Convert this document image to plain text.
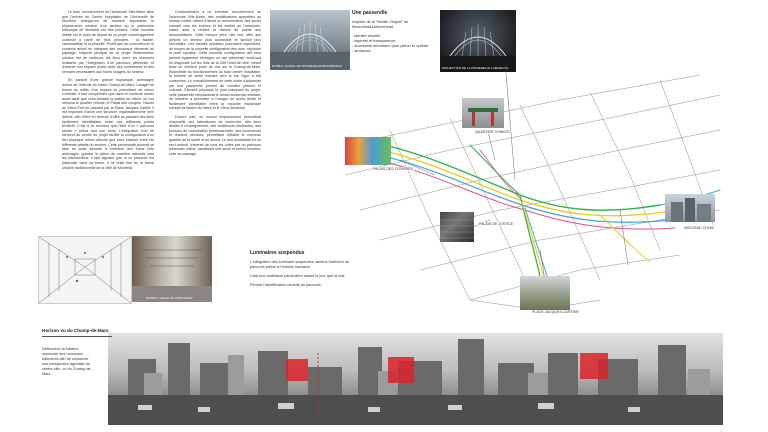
Le futur recouvrement de l'autoroute Ville-Marie ainsi que l'arrivée du Centre hospitalier de l'Université de Montréal changeront de manière importante la physionomie urbaine d'un secteur où le patrimoine historique de Montréal est très présent. Cette nouvelle réalité est le point de départ de ce projet d'aménagement construit à partir de trois principes : la fluidité, l'accessibilité et la sécurité. Plutôt que de concurrencer le contexte actuel en intégrant des nouveaux éléments au paysage, l'objectif principal de ce projet d'intervention urbaine est de renforcer les liens entre les éléments existants par l'intégration d'un parcours piétonnier et d'animer son espace public avec des commerces et des services nécessaires aux futurs usagers du secteur.

En partant d'une grande esplanade, aménagée autour de l'édicule du métro Champ-de-Mars, l'usager se trouve au milieu d'un espace lui permettant de mieux s'orienter. Il faut comprendre que dans un contexte urbain aussi varié que celui bordant la station du métro, on l'on retrouve le quartier chinois, le Palais des congrès, l'accès au Vieux-Port en passant par la Place Jacques-Cartier, il est important d'avoir une structure organisationnelle bien définie, afin d'être en mesure d'offrir au passant des liens facilement identifiables entre ces différents points d'intérêt. C'est à ce moment que l'idée d'un « parcours urbain » prend tout son sens. L'intégration d'un tel élément au centre du projet facilite la configuration d'un lieu physique mieux articulé que celui existant entre les différents attraits du secteur. Cette promenade pourrait se faire en toute sécurité à l'intérieur des futurs îlots aménagés, guidant le piéton de manière naturelle vers les intersections. Il faut signaler que, si ce parcours est particulier dans sa forme, il ne brise rien de la trame urbaine traditionnelle de la Ville de Montréal.

Conformément à un éventuel recouvrement de l'autoroute Ville-Marie, des modifications apportées au réseau routier offrent d'abord la concentration des accès menant vers les entrées et les sorties de l'autoroute, visant ainsi à réduire la vitesse de pointe des automobilistes. Cette mesure peut, dès lors, offrir aux piétons un secteur plus accessible et surtout plus sécuritaire. Les bandes cyclables pourraient cependant, au moyen de la nouvelle configuration des rues, rejoindre la piste cyclable. Cette nouvelle configuration des rues permet également d'intégrer un axe piétonnier mont-sud en diagonale sur les îlots de la Cité Hôtel-de-Ville, créant ainsi un meilleur point de vue sur le Champ-de-Mars. Essentielle au fonctionnement du futur centre hospitalier, la bretelle de sortie menant vers la rue Viger a été conservée. Le chevauchement de cette sortie d'autoroute par une passerelle permet de concilier piétons et voitures. Élément physique le plus marquant du projet, cette passerelle remplacerait le tunnel souterrain existant, de manière à permettre à l'usager un accès fluide et facilement identifiable entre la nouvelle esplanade bordant la station du métro et le Vieux-Montréal.

D'autre part, ce nouvel emplacement permettrait d'accueillir des laboratoires de recherche, des lieux dédiés à l'enseignement, des résidences étudiantes, des bureaux de consultation professionnelle, des commerces et d'autres services, permettant d'établir le nouveau quartier de la santé et du savoir. Le tout accessible en un seul endroit, traversé de tous les côtés par un parcours piétonnier intime, canalisant une seule et même fonction, celle du passage.

MOBILE CHAPEL DE MOOREHEAD&MOOREHEAD
Une passerelle
Inspirée de la "Mobile Chapel" de Moorehead&Moorehead
- identité visuelle
- légèreté et transparence
- accessible sécuritaire pour piéton et cycliste
- ambiance
PROJECTION DE LA PASSERELLE LUMINEUSE
PALAIS DES CONGRÈS
QUARTIER CHINOIS
PALAIS DE JUSTICE
PLACE JACQUES-CARTIER
NOUVEAU CHUM
MADRID "CALLE DE PRECIADOS"
Luminaires suspendus
L'intégration des luminaire suspendus ramène l'intérieur du parcours piéton à l'échelle humaine.
Crée une ambiance particulière autant le jour que la nuit.
Permet l'identification visuelle du parcours.
Horizon vu du Champ-de-Mars
Déterminer la hauteur maximale des nouveaux bâtiments afin de conserver une perspective agréable du centre-ville, vu du Champ-de-Mars
